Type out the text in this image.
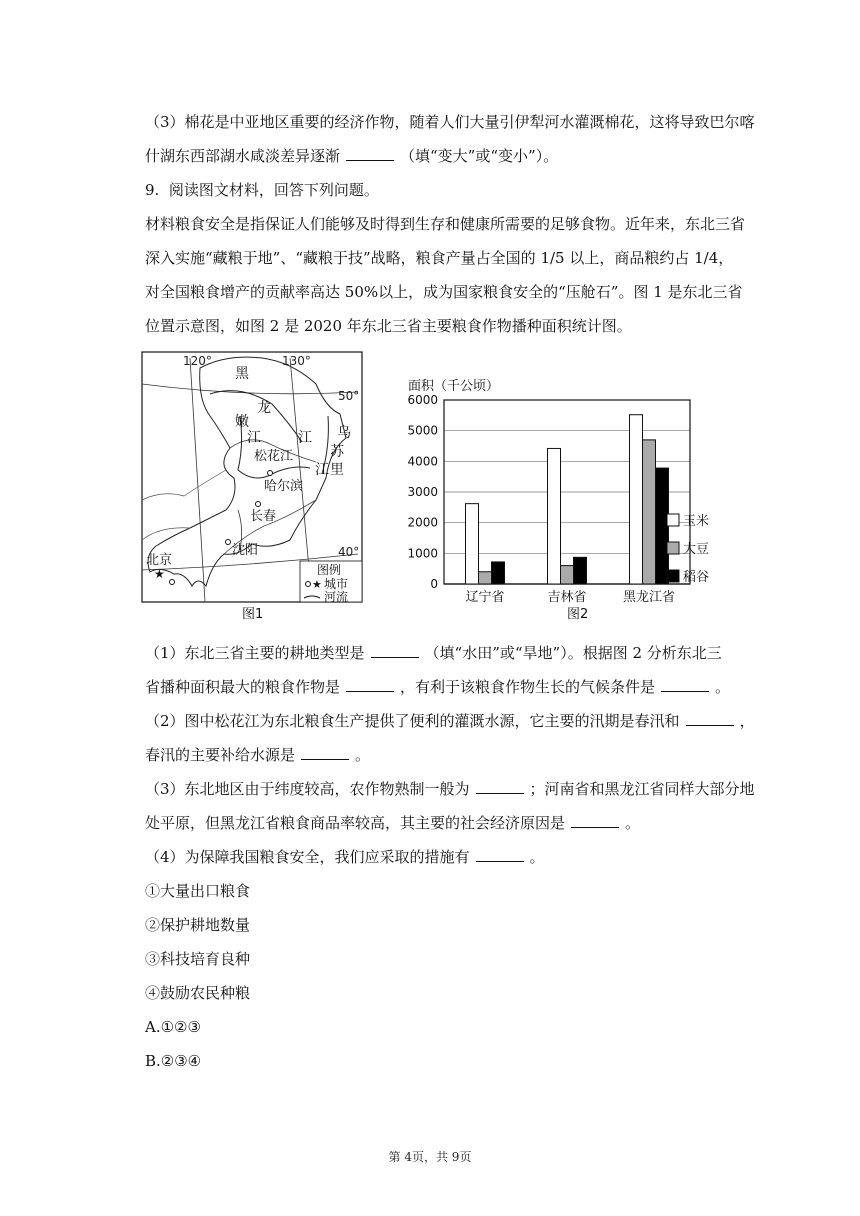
（3）棉花是中亚地区重要的经济作物，随着人们大量引伊犁河水灌溉棉花，这将导致巴尔喀
什湖东西部湖水咸淡差异逐渐	（填“变大”或“变小”）。
9. 阅读图文材料，回答下列问题。
材料粮食安全是指保证人们能够及时得到生存和健康所需要的足够食物。近年来，东北三省
深入实施“藏粮于地”、“藏粮于技”战略，粮食产量占全国的 1/5 以上，商品粮约占 1/4，
对全国粮食增产的贡献率高达 50%以上，成为国家粮食安全的“压舱石”。图 1 是东北三省
位置示意图，如图 2 是 2020 年东北三省主要粮食作物播种面积统计图。
120°	130°
50°
40°
黑
龙
江
嫩
江	乌
苏
里
江
松花江
哈尔滨
长春
沈阳
北京
★	图例
★ 城市
河流
图1
面积（千公顷）
0
1000
2000
3000
4000
5000
6000
辽宁省	吉林省	黑龙江省
玉米
大豆
稻谷
图2
（1）东北三省主要的耕地类型是	（填“水田”或“旱地”）。根据图 2 分析东北三
省播种面积最大的粮食作物是	，有利于该粮食作物生长的气候条件是	。
（2）图中松花江为东北粮食生产提供了便利的灌溉水源，它主要的汛期是春汛和	，
春汛的主要补给水源是	。
（3）东北地区由于纬度较高，农作物熟制一般为	；河南省和黑龙江省同样大部分地
处平原，但黑龙江省粮食商品率较高，其主要的社会经济原因是	。
（4）为保障我国粮食安全，我们应采取的措施有	。
①大量出口粮食
②保护耕地数量
③科技培育良种
④鼓励农民种粮
A.①②③
B.②③④
第 4页，共 9页
